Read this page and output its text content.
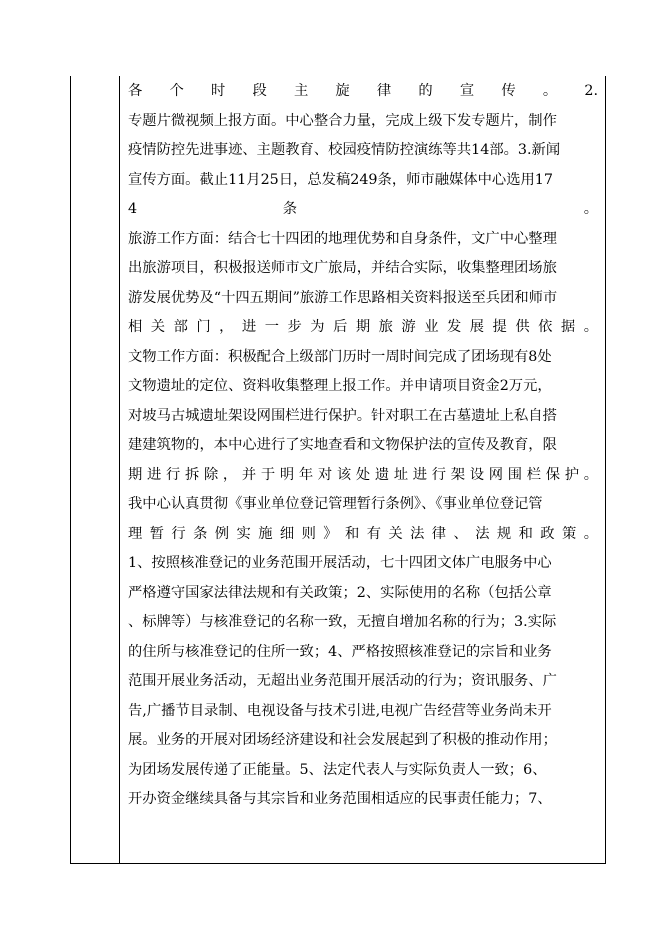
各 个 时 段 主 旋 律 的 宣 传 。 2.
专题片微视频上报方面。中心整合力量，完成上级下发专题片，制作
疫情防控先进事迹、主题教育、校园疫情防控演练等共14部。3.新闻
宣传方面。截止11月25日，总发稿249条，师市融媒体中心选用17
4 条 。
旅游工作方面：结合七十四团的地理优势和自身条件，文广中心整理
出旅游项目，积极报送师市文广旅局，并结合实际，收集整理团场旅
游发展优势及“十四五期间”旅游工作思路相关资料报送至兵团和师市
相 关 部 门 ， 进 一 步 为 后 期 旅 游 业 发 展 提 供 依 据 。
文物工作方面：积极配合上级部门历时一周时间完成了团场现有8处
文物遗址的定位、资料收集整理上报工作。并申请项目资金2万元，
对坡马古城遗址架设网围栏进行保护。针对职工在古墓遗址上私自搭
建建筑物的，本中心进行了实地查看和文物保护法的宣传及教育，限
期 进 行 拆 除 ， 并 于 明 年 对 该 处 遗 址 进 行 架 设 网 围 栏 保 护 。
我中心认真贯彻《事业单位登记管理暂行条例》、《事业单位登记管
理 暂 行 条 例 实 施 细 则 》 和 有 关 法 律 、 法 规 和 政 策 。
1、按照核准登记的业务范围开展活动，七十四团文体广电服务中心
严格遵守国家法律法规和有关政策；2、实际使用的名称（包括公章
、标牌等）与核准登记的名称一致，无擅自增加名称的行为；3.实际
的住所与核准登记的住所一致；4、严格按照核准登记的宗旨和业务
范围开展业务活动，无超出业务范围开展活动的行为；资讯服务、广
告,广播节目录制、电视设备与技术引进,电视广告经营等业务尚未开
展。业务的开展对团场经济建设和社会发展起到了积极的推动作用；
为团场发展传递了正能量。5、法定代表人与实际负责人一致；6、
开办资金继续具备与其宗旨和业务范围相适应的民事责任能力；7、
